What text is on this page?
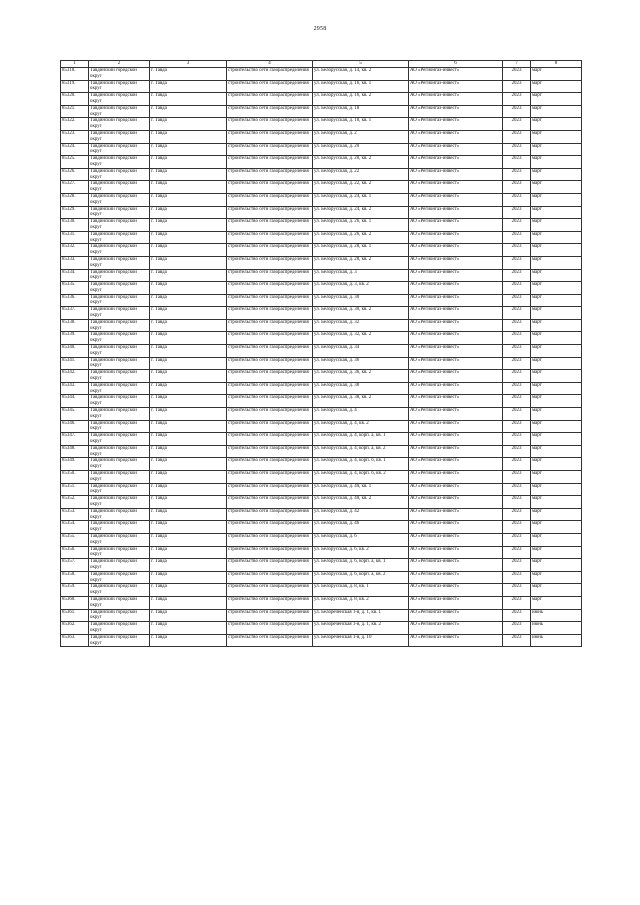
2958
1	2	3	4	5	6	7	8
85318.	Тавдинский городской округ	г. Тавда	строительство сети газораспределения	ул. Белорусская, д. 14, кв. 2	АО «Регионгаз-инвест»	2023	март
85319.	Тавдинский городской округ	г. Тавда	строительство сети газораспределения	ул. Белорусская, д. 16, кв. 1	АО «Регионгаз-инвест»	2023	март
85320.	Тавдинский городской округ	г. Тавда	строительство сети газораспределения	ул. Белорусская, д. 16, кв. 2	АО «Регионгаз-инвест»	2023	март
85321.	Тавдинский городской округ	г. Тавда	строительство сети газораспределения	ул. Белорусская, д. 18	АО «Регионгаз-инвест»	2023	март
85322.	Тавдинский городской округ	г. Тавда	строительство сети газораспределения	ул. Белорусская, д. 18, кв. 1	АО «Регионгаз-инвест»	2023	март
85323.	Тавдинский городской округ	г. Тавда	строительство сети газораспределения	ул. Белорусская, д. 2	АО «Регионгаз-инвест»	2023	март
85324.	Тавдинский городской округ	г. Тавда	строительство сети газораспределения	ул. Белорусская, д. 20	АО «Регионгаз-инвест»	2023	март
85325.	Тавдинский городской округ	г. Тавда	строительство сети газораспределения	ул. Белорусская, д. 20, кв. 2	АО «Регионгаз-инвест»	2023	март
85326.	Тавдинский городской округ	г. Тавда	строительство сети газораспределения	ул. Белорусская, д. 22	АО «Регионгаз-инвест»	2023	март
85327.	Тавдинский городской округ	г. Тавда	строительство сети газораспределения	ул. Белорусская, д. 22, кв. 2	АО «Регионгаз-инвест»	2023	март
85328.	Тавдинский городской округ	г. Тавда	строительство сети газораспределения	ул. Белорусская, д. 24, кв. 1	АО «Регионгаз-инвест»	2023	март
85329.	Тавдинский городской округ	г. Тавда	строительство сети газораспределения	ул. Белорусская, д. 24, кв. 2	АО «Регионгаз-инвест»	2023	март
85330.	Тавдинский городской округ	г. Тавда	строительство сети газораспределения	ул. Белорусская, д. 26, кв. 1	АО «Регионгаз-инвест»	2023	март
85331.	Тавдинский городской округ	г. Тавда	строительство сети газораспределения	ул. Белорусская, д. 26, кв. 2	АО «Регионгаз-инвест»	2023	март
85332.	Тавдинский городской округ	г. Тавда	строительство сети газораспределения	ул. Белорусская, д. 28, кв. 1	АО «Регионгаз-инвест»	2023	март
85333.	Тавдинский городской округ	г. Тавда	строительство сети газораспределения	ул. Белорусская, д. 28, кв. 2	АО «Регионгаз-инвест»	2023	март
85334.	Тавдинский городской округ	г. Тавда	строительство сети газораспределения	ул. Белорусская, д. 3	АО «Регионгаз-инвест»	2023	март
85335.	Тавдинский городской округ	г. Тавда	строительство сети газораспределения	ул. Белорусская, д. 3, кв. 2	АО «Регионгаз-инвест»	2023	март
85336.	Тавдинский городской округ	г. Тавда	строительство сети газораспределения	ул. Белорусская, д. 30	АО «Регионгаз-инвест»	2023	март
85337.	Тавдинский городской округ	г. Тавда	строительство сети газораспределения	ул. Белорусская, д. 30, кв. 2	АО «Регионгаз-инвест»	2023	март
85338.	Тавдинский городской округ	г. Тавда	строительство сети газораспределения	ул. Белорусская, д. 32	АО «Регионгаз-инвест»	2023	март
85339.	Тавдинский городской округ	г. Тавда	строительство сети газораспределения	ул. Белорусская, д. 32, кв. 2	АО «Регионгаз-инвест»	2023	март
85340.	Тавдинский городской округ	г. Тавда	строительство сети газораспределения	ул. Белорусская, д. 34	АО «Регионгаз-инвест»	2023	март
85341.	Тавдинский городской округ	г. Тавда	строительство сети газораспределения	ул. Белорусская, д. 36	АО «Регионгаз-инвест»	2023	март
85342.	Тавдинский городской округ	г. Тавда	строительство сети газораспределения	ул. Белорусская, д. 36, кв. 2	АО «Регионгаз-инвест»	2023	март
85343.	Тавдинский городской округ	г. Тавда	строительство сети газораспределения	ул. Белорусская, д. 38	АО «Регионгаз-инвест»	2023	март
85344.	Тавдинский городской округ	г. Тавда	строительство сети газораспределения	ул. Белорусская, д. 38, кв. 2	АО «Регионгаз-инвест»	2023	март
85345.	Тавдинский городской округ	г. Тавда	строительство сети газораспределения	ул. Белорусская, д. 4	АО «Регионгаз-инвест»	2023	март
85346.	Тавдинский городской округ	г. Тавда	строительство сети газораспределения	ул. Белорусская, д. 4, кв. 2	АО «Регионгаз-инвест»	2023	март
85347.	Тавдинский городской округ	г. Тавда	строительство сети газораспределения	ул. Белорусская, д. 4, корп. а, кв. 1	АО «Регионгаз-инвест»	2023	март
85348.	Тавдинский городской округ	г. Тавда	строительство сети газораспределения	ул. Белорусская, д. 4, корп. а, кв. 2	АО «Регионгаз-инвест»	2023	март
85349.	Тавдинский городской округ	г. Тавда	строительство сети газораспределения	ул. Белорусская, д. 4, корп. б, кв. 1	АО «Регионгаз-инвест»	2023	март
85350.	Тавдинский городской округ	г. Тавда	строительство сети газораспределения	ул. Белорусская, д. 4, корп. б, кв. 2	АО «Регионгаз-инвест»	2023	март
85351.	Тавдинский городской округ	г. Тавда	строительство сети газораспределения	ул. Белорусская, д. 40, кв. 1	АО «Регионгаз-инвест»	2023	март
85352.	Тавдинский городской округ	г. Тавда	строительство сети газораспределения	ул. Белорусская, д. 40, кв. 2	АО «Регионгаз-инвест»	2023	март
85353.	Тавдинский городской округ	г. Тавда	строительство сети газораспределения	ул. Белорусская, д. 42	АО «Регионгаз-инвест»	2023	март
85354.	Тавдинский городской округ	г. Тавда	строительство сети газораспределения	ул. Белорусская, д. 46	АО «Регионгаз-инвест»	2023	март
85355.	Тавдинский городской округ	г. Тавда	строительство сети газораспределения	ул. Белорусская, д. 6	АО «Регионгаз-инвест»	2023	март
85356.	Тавдинский городской округ	г. Тавда	строительство сети газораспределения	ул. Белорусская, д. 6, кв. 2	АО «Регионгаз-инвест»	2023	март
85357.	Тавдинский городской округ	г. Тавда	строительство сети газораспределения	ул. Белорусская, д. 6, корп. а, кв. 1	АО «Регионгаз-инвест»	2023	март
85358.	Тавдинский городской округ	г. Тавда	строительство сети газораспределения	ул. Белорусская, д. 6, корп. а, кв. 2	АО «Регионгаз-инвест»	2023	март
85359.	Тавдинский городской округ	г. Тавда	строительство сети газораспределения	ул. Белорусская, д. 8, кв. 1	АО «Регионгаз-инвест»	2023	март
85360.	Тавдинский городской округ	г. Тавда	строительство сети газораспределения	ул. Белорусская, д. 8, кв. 2	АО «Регионгаз-инвест»	2023	март
85361.	Тавдинский городской округ	г. Тавда	строительство сети газораспределения	ул. Белореченская 1-я, д. 1, кв. 1	АО «Регионгаз-инвест»	2023	июнь
85362.	Тавдинский городской округ	г. Тавда	строительство сети газораспределения	ул. Белореченская 1-я, д. 1, кв. 2	АО «Регионгаз-инвест»	2023	июнь
85363.	Тавдинский городской округ	г. Тавда	строительство сети газораспределения	ул. Белореченская 1-я, д. 10	АО «Регионгаз-инвест»	2023	июнь
